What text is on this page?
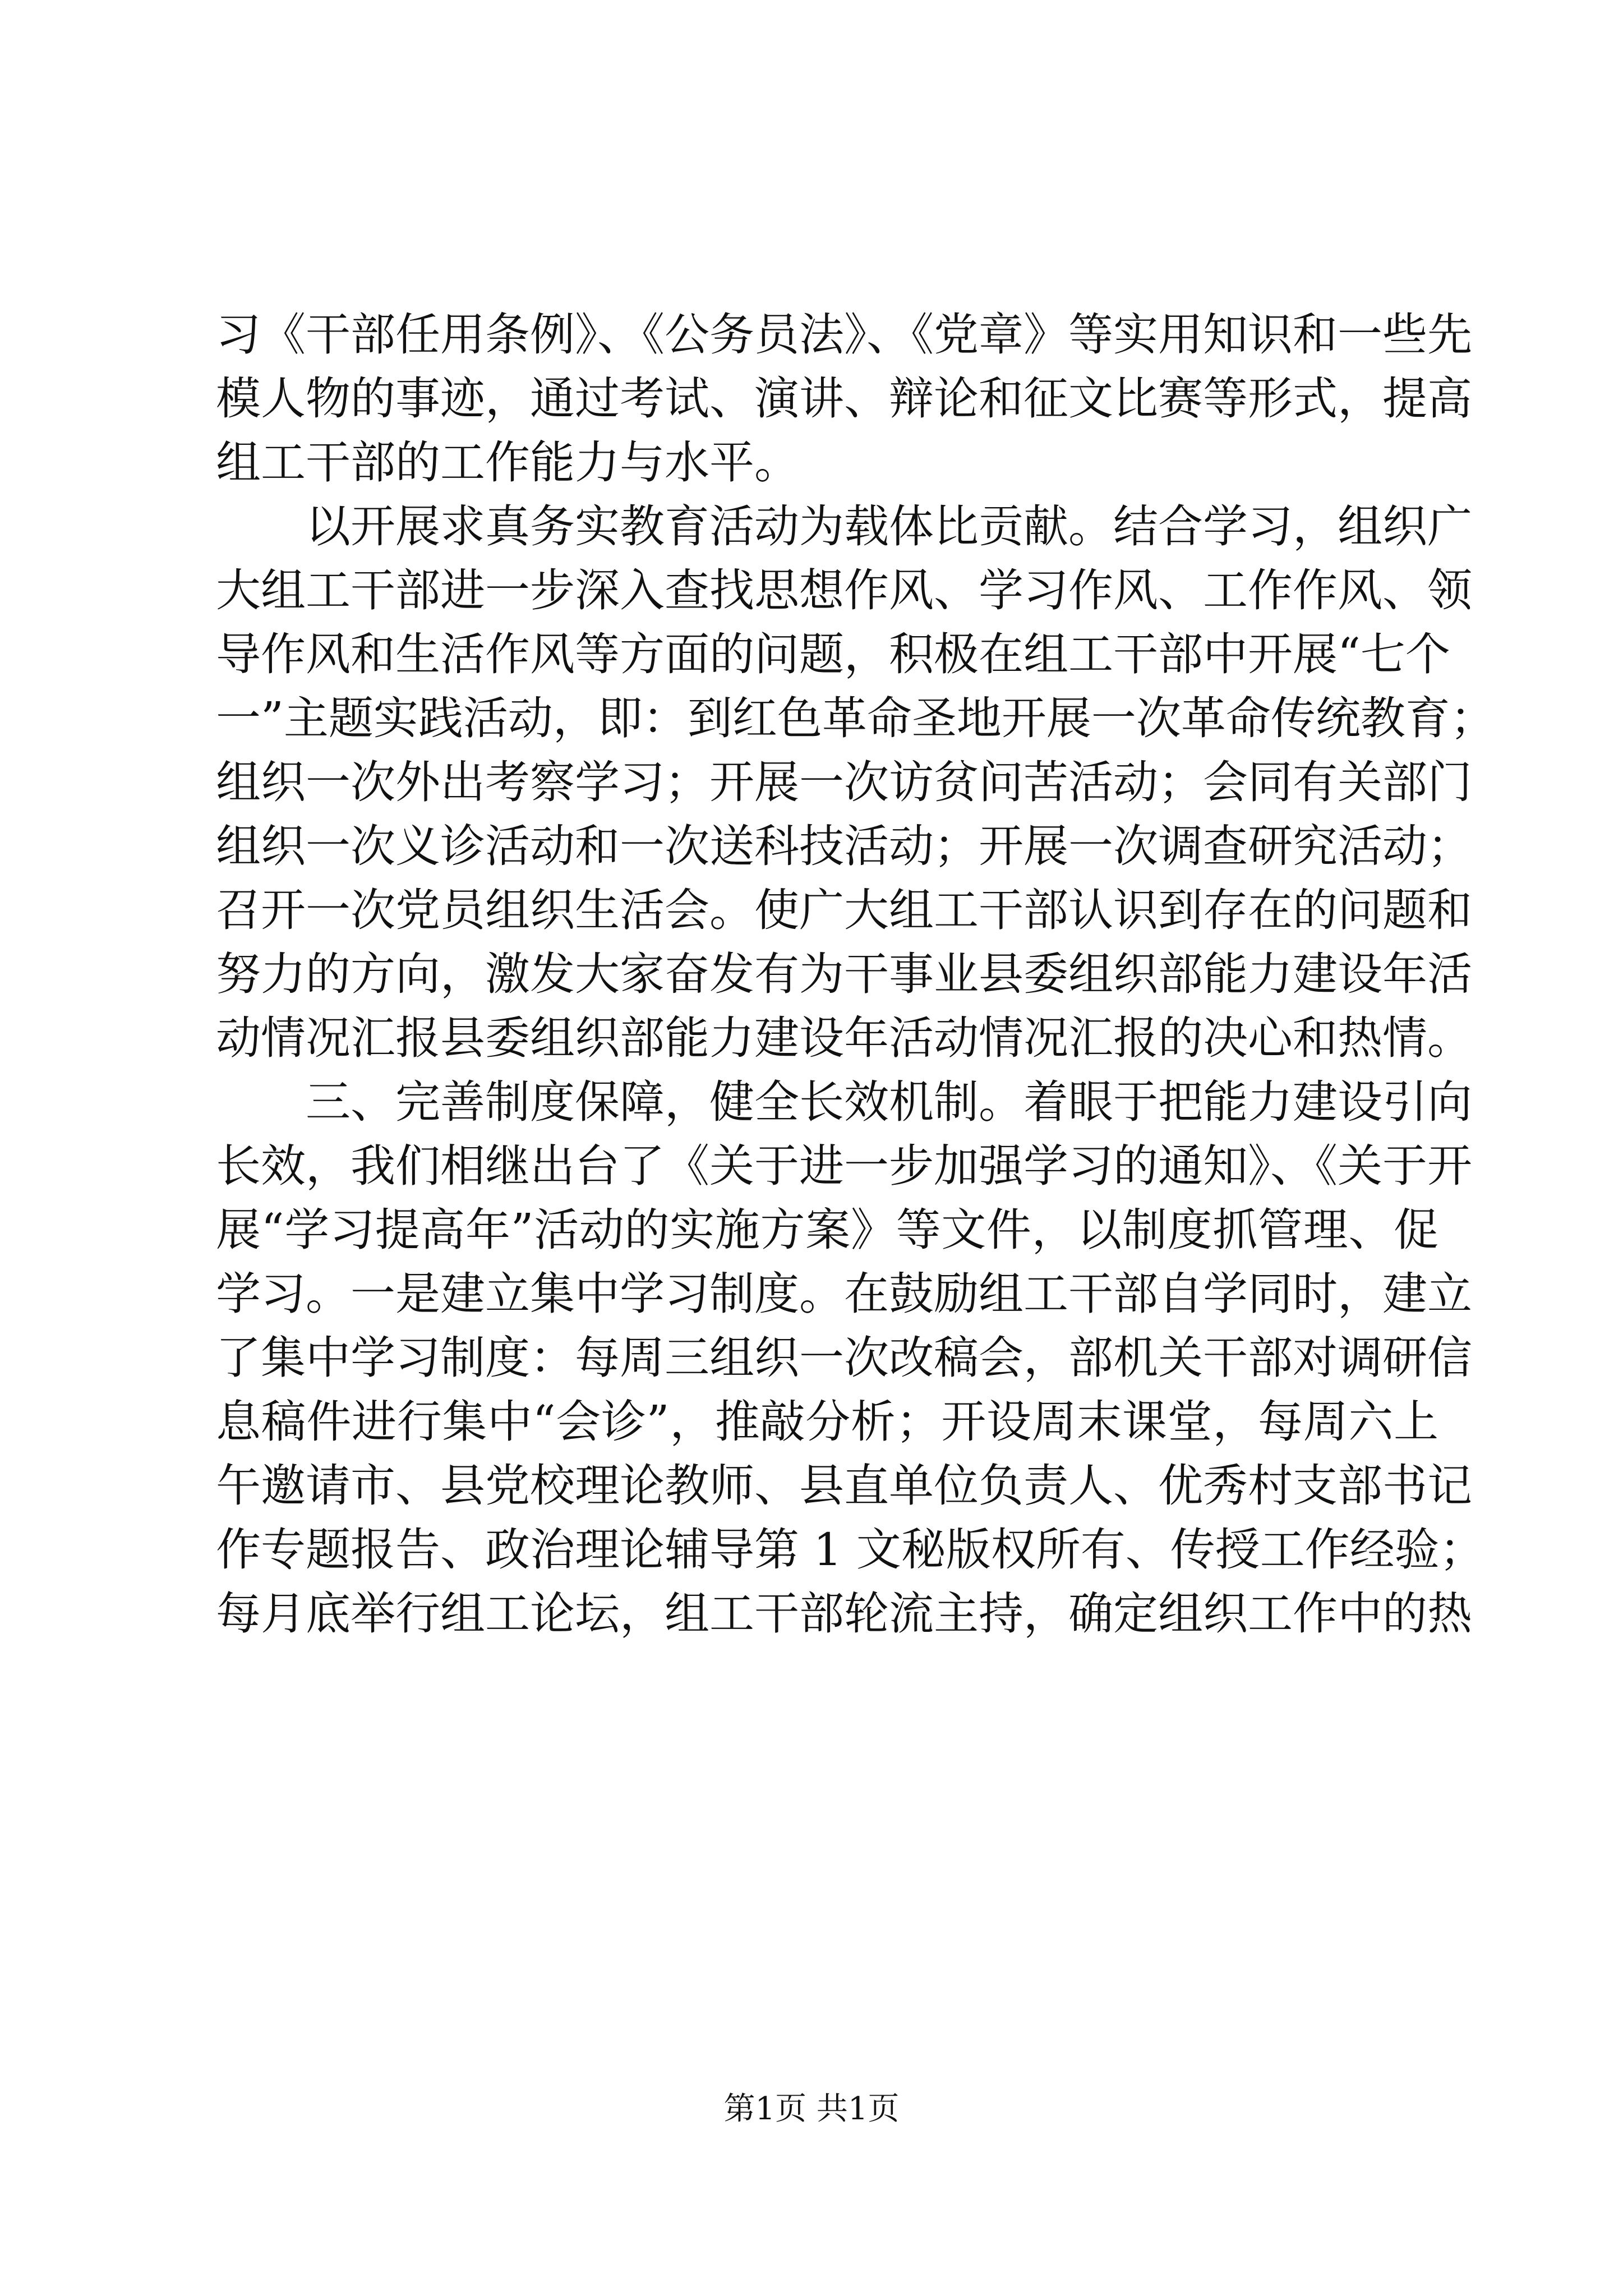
习《干部任用条例》、《公务员法》、《党章》等实用知识和一些先

模人物的事迹，通过考试、演讲、辩论和征文比赛等形式，提高

组工干部的工作能力与水平。

以开展求真务实教育活动为载体比贡献。结合学习，组织广

大组工干部进一步深入查找思想作风、学习作风、工作作风、领

导作风和生活作风等方面的问题，积极在组工干部中开展“七个

一”主题实践活动，即：到红色革命圣地开展一次革命传统教育；

组织一次外出考察学习；开展一次访贫问苦活动；会同有关部门

组织一次义诊活动和一次送科技活动；开展一次调查研究活动；

召开一次党员组织生活会。使广大组工干部认识到存在的问题和

努力的方向，激发大家奋发有为干事业县委组织部能力建设年活

动情况汇报县委组织部能力建设年活动情况汇报的决心和热情。

三、完善制度保障，健全长效机制。着眼于把能力建设引向

长效，我们相继出台了《关于进一步加强学习的通知》、《关于开

展“学习提高年”活动的实施方案》等文件，以制度抓管理、促

学习。一是建立集中学习制度。在鼓励组工干部自学同时，建立

了集中学习制度：每周三组织一次改稿会，部机关干部对调研信

息稿件进行集中“会诊”，推敲分析；开设周末课堂，每周六上

午邀请市、县党校理论教师、县直单位负责人、优秀村支部书记

作专题报告、政治理论辅导第 1 文秘版权所有、传授工作经验；

每月底举行组工论坛，组工干部轮流主持，确定组织工作中的热

第1页 共1页
